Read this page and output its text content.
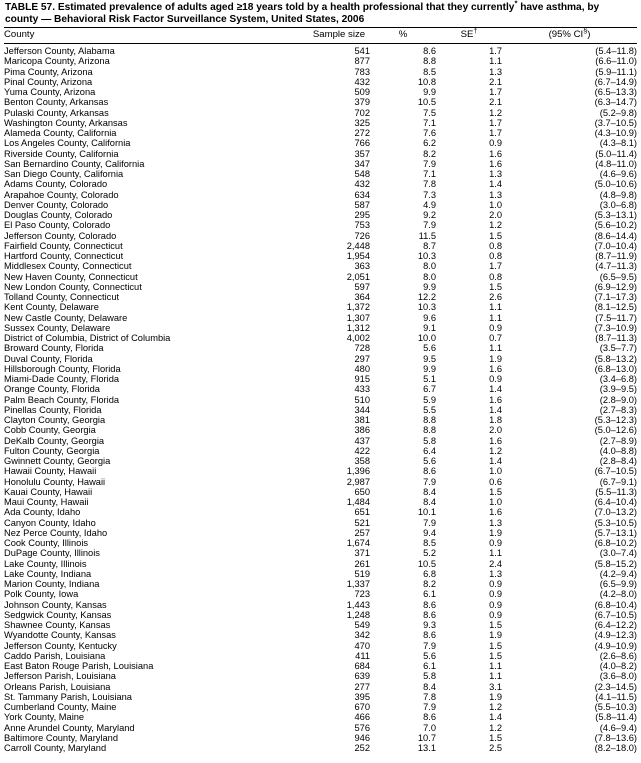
TABLE 57. Estimated prevalence of adults aged ≥18 years told by a health professional that they currently* have asthma, by
county — Behavioral Risk Factor Surveillance System, United States, 2006
County	Sample size	%	SE†	(95% CI§)
Jefferson County, Alabama	541	8.6	1.7	(5.4–11.8)
Maricopa County, Arizona	877	8.8	1.1	(6.6–11.0)
Pima County, Arizona	783	8.5	1.3	(5.9–11.1)
Pinal County, Arizona	432	10.8	2.1	(6.7–14.9)
Yuma County, Arizona	509	9.9	1.7	(6.5–13.3)
Benton County, Arkansas	379	10.5	2.1	(6.3–14.7)
Pulaski County, Arkansas	702	7.5	1.2	(5.2–9.8)
Washington County, Arkansas	325	7.1	1.7	(3.7–10.5)
Alameda County, California	272	7.6	1.7	(4.3–10.9)
Los Angeles County, California	766	6.2	0.9	(4.3–8.1)
Riverside County, California	357	8.2	1.6	(5.0–11.4)
San Bernardino County, California	347	7.9	1.6	(4.8–11.0)
San Diego County, California	548	7.1	1.3	(4.6–9.6)
Adams County, Colorado	432	7.8	1.4	(5.0–10.6)
Arapahoe County, Colorado	634	7.3	1.3	(4.8–9.8)
Denver County, Colorado	587	4.9	1.0	(3.0–6.8)
Douglas County, Colorado	295	9.2	2.0	(5.3–13.1)
El Paso County, Colorado	753	7.9	1.2	(5.6–10.2)
Jefferson County, Colorado	726	11.5	1.5	(8.6–14.4)
Fairfield County, Connecticut	2,448	8.7	0.8	(7.0–10.4)
Hartford County, Connecticut	1,954	10.3	0.8	(8.7–11.9)
Middlesex County, Connecticut	363	8.0	1.7	(4.7–11.3)
New Haven County, Connecticut	2,051	8.0	0.8	(6.5–9.5)
New London County, Connecticut	597	9.9	1.5	(6.9–12.9)
Tolland County, Connecticut	364	12.2	2.6	(7.1–17.3)
Kent County, Delaware	1,372	10.3	1.1	(8.1–12.5)
New Castle County, Delaware	1,307	9.6	1.1	(7.5–11.7)
Sussex County, Delaware	1,312	9.1	0.9	(7.3–10.9)
District of Columbia, District of Columbia	4,002	10.0	0.7	(8.7–11.3)
Broward County, Florida	728	5.6	1.1	(3.5–7.7)
Duval County, Florida	297	9.5	1.9	(5.8–13.2)
Hillsborough County, Florida	480	9.9	1.6	(6.8–13.0)
Miami-Dade County, Florida	915	5.1	0.9	(3.4–6.8)
Orange County, Florida	433	6.7	1.4	(3.9–9.5)
Palm Beach County, Florida	510	5.9	1.6	(2.8–9.0)
Pinellas County, Florida	344	5.5	1.4	(2.7–8.3)
Clayton County, Georgia	381	8.8	1.8	(5.3–12.3)
Cobb County, Georgia	386	8.8	2.0	(5.0–12.6)
DeKalb County, Georgia	437	5.8	1.6	(2.7–8.9)
Fulton County, Georgia	422	6.4	1.2	(4.0–8.8)
Gwinnett County, Georgia	358	5.6	1.4	(2.8–8.4)
Hawaii County, Hawaii	1,396	8.6	1.0	(6.7–10.5)
Honolulu County, Hawaii	2,987	7.9	0.6	(6.7–9.1)
Kauai County, Hawaii	650	8.4	1.5	(5.5–11.3)
Maui County, Hawaii	1,484	8.4	1.0	(6.4–10.4)
Ada County, Idaho	651	10.1	1.6	(7.0–13.2)
Canyon County, Idaho	521	7.9	1.3	(5.3–10.5)
Nez Perce County, Idaho	257	9.4	1.9	(5.7–13.1)
Cook County, Illinois	1,674	8.5	0.9	(6.8–10.2)
DuPage County, Illinois	371	5.2	1.1	(3.0–7.4)
Lake County, Illinois	261	10.5	2.4	(5.8–15.2)
Lake County, Indiana	519	6.8	1.3	(4.2–9.4)
Marion County, Indiana	1,337	8.2	0.9	(6.5–9.9)
Polk County, Iowa	723	6.1	0.9	(4.2–8.0)
Johnson County, Kansas	1,443	8.6	0.9	(6.8–10.4)
Sedgwick County, Kansas	1,248	8.6	0.9	(6.7–10.5)
Shawnee County, Kansas	549	9.3	1.5	(6.4–12.2)
Wyandotte County, Kansas	342	8.6	1.9	(4.9–12.3)
Jefferson County, Kentucky	470	7.9	1.5	(4.9–10.9)
Caddo Parish, Louisiana	411	5.6	1.5	(2.6–8.6)
East Baton Rouge Parish, Louisiana	684	6.1	1.1	(4.0–8.2)
Jefferson Parish, Louisiana	639	5.8	1.1	(3.6–8.0)
Orleans Parish, Louisiana	277	8.4	3.1	(2.3–14.5)
St. Tammany Parish, Louisiana	395	7.8	1.9	(4.1–11.5)
Cumberland County, Maine	670	7.9	1.2	(5.5–10.3)
York County, Maine	466	8.6	1.4	(5.8–11.4)
Anne Arundel County, Maryland	576	7.0	1.2	(4.6–9.4)
Baltimore County, Maryland	946	10.7	1.5	(7.8–13.6)
Carroll County, Maryland	252	13.1	2.5	(8.2–18.0)
